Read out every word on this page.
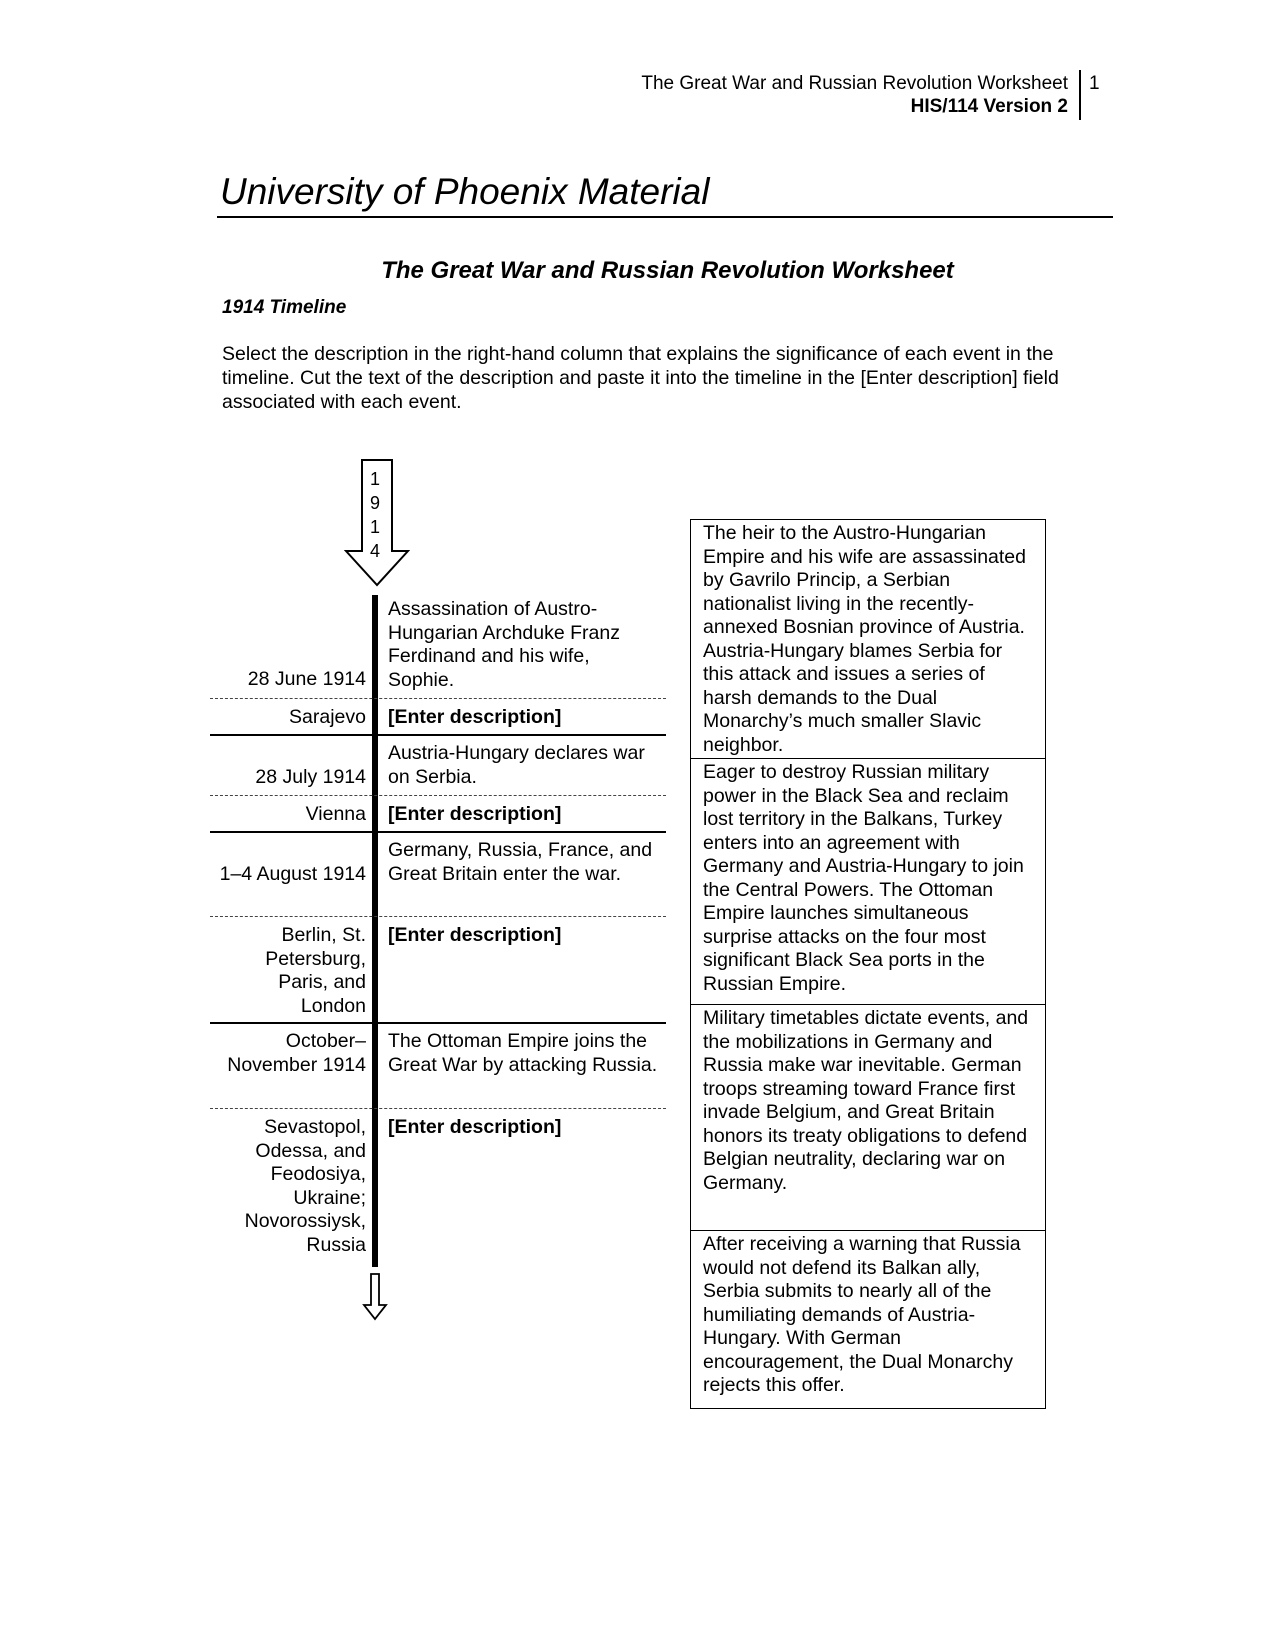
The Great War and Russian Revolution Worksheet
HIS/114 Version 2
1
University of Phoenix Material
The Great War and Russian Revolution Worksheet
1914 Timeline
Select the description in the right-hand column that explains the significance of each event in the timeline. Cut the text of the description and paste it into the timeline in the [Enter description] field associated with each event.
1
9
1
4
28 June 1914
Assassination of Austro-Hungarian Archduke Franz Ferdinand and his wife, Sophie.
Sarajevo [Enter description]
28 July 1914
Austria-Hungary declares war on Serbia.
Vienna [Enter description]
1–4 August 1914
Germany, Russia, France, and Great Britain enter the war.
Berlin, St. Petersburg, Paris, and London
[Enter description]
October–November 1914
The Ottoman Empire joins the Great War by attacking Russia.
Sevastopol, Odessa, and Feodosiya, Ukraine; Novorossiysk, Russia
[Enter description]
The heir to the Austro-Hungarian Empire and his wife are assassinated by Gavrilo Princip, a Serbian nationalist living in the recently-annexed Bosnian province of Austria. Austria-Hungary blames Serbia for this attack and issues a series of harsh demands to the Dual Monarchy’s much smaller Slavic neighbor.
Eager to destroy Russian military power in the Black Sea and reclaim lost territory in the Balkans, Turkey enters into an agreement with Germany and Austria-Hungary to join the Central Powers. The Ottoman Empire launches simultaneous surprise attacks on the four most significant Black Sea ports in the Russian Empire.
Military timetables dictate events, and the mobilizations in Germany and Russia make war inevitable. German troops streaming toward France first invade Belgium, and Great Britain honors its treaty obligations to defend Belgian neutrality, declaring war on Germany.
After receiving a warning that Russia would not defend its Balkan ally, Serbia submits to nearly all of the humiliating demands of Austria-Hungary. With German encouragement, the Dual Monarchy rejects this offer.
